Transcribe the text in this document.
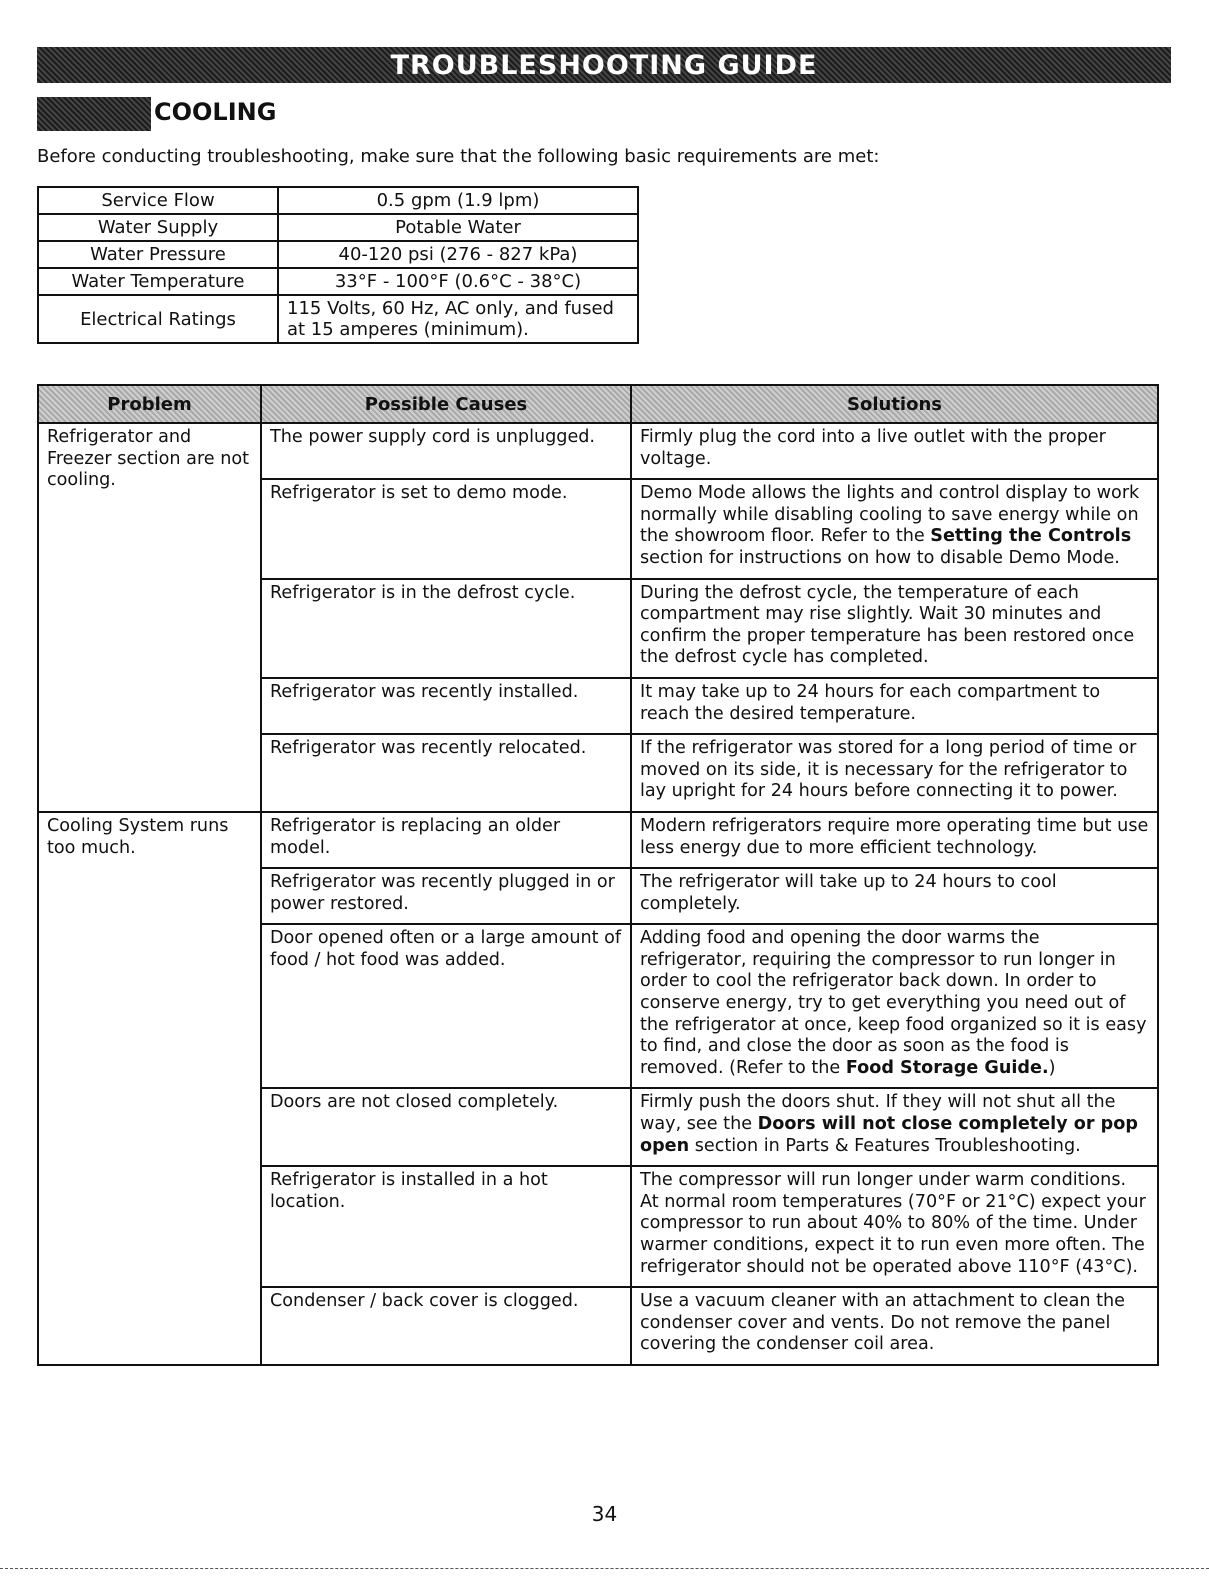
TROUBLESHOOTING GUIDE
COOLING
Before conducting troubleshooting, make sure that the following basic requirements are met:
Service Flow	0.5 gpm (1.9 lpm)
Water Supply	Potable Water
Water Pressure	40-120 psi (276 - 827 kPa)
Water Temperature	33°F - 100°F (0.6°C - 38°C)
Electrical Ratings	115 Volts, 60 Hz, AC only, and fused at 15 amperes (minimum).
Problem	Possible Causes	Solutions
Refrigerator and Freezer section are not cooling.	The power supply cord is unplugged.	Firmly plug the cord into a live outlet with the proper voltage.
	Refrigerator is set to demo mode.	Demo Mode allows the lights and control display to work normally while disabling cooling to save energy while on the showroom floor. Refer to the Setting the Controls section for instructions on how to disable Demo Mode.
	Refrigerator is in the defrost cycle.	During the defrost cycle, the temperature of each compartment may rise slightly. Wait 30 minutes and confirm the proper temperature has been restored once the defrost cycle has completed.
	Refrigerator was recently installed.	It may take up to 24 hours for each compartment to reach the desired temperature.
	Refrigerator was recently relocated.	If the refrigerator was stored for a long period of time or moved on its side, it is necessary for the refrigerator to lay upright for 24 hours before connecting it to power.
Cooling System runs too much.	Refrigerator is replacing an older model.	Modern refrigerators require more operating time but use less energy due to more efficient technology.
	Refrigerator was recently plugged in or power restored.	The refrigerator will take up to 24 hours to cool completely.
	Door opened often or a large amount of food / hot food was added.	Adding food and opening the door warms the refrigerator, requiring the compressor to run longer in order to cool the refrigerator back down. In order to conserve energy, try to get everything you need out of the refrigerator at once, keep food organized so it is easy to find, and close the door as soon as the food is removed. (Refer to the Food Storage Guide.)
	Doors are not closed completely.	Firmly push the doors shut. If they will not shut all the way, see the Doors will not close completely or pop open section in Parts & Features Troubleshooting.
	Refrigerator is installed in a hot location.	The compressor will run longer under warm conditions. At normal room temperatures (70°F or 21°C) expect your compressor to run about 40% to 80% of the time. Under warmer conditions, expect it to run even more often. The refrigerator should not be operated above 110°F (43°C).
	Condenser / back cover is clogged.	Use a vacuum cleaner with an attachment to clean the condenser cover and vents. Do not remove the panel covering the condenser coil area.
34
